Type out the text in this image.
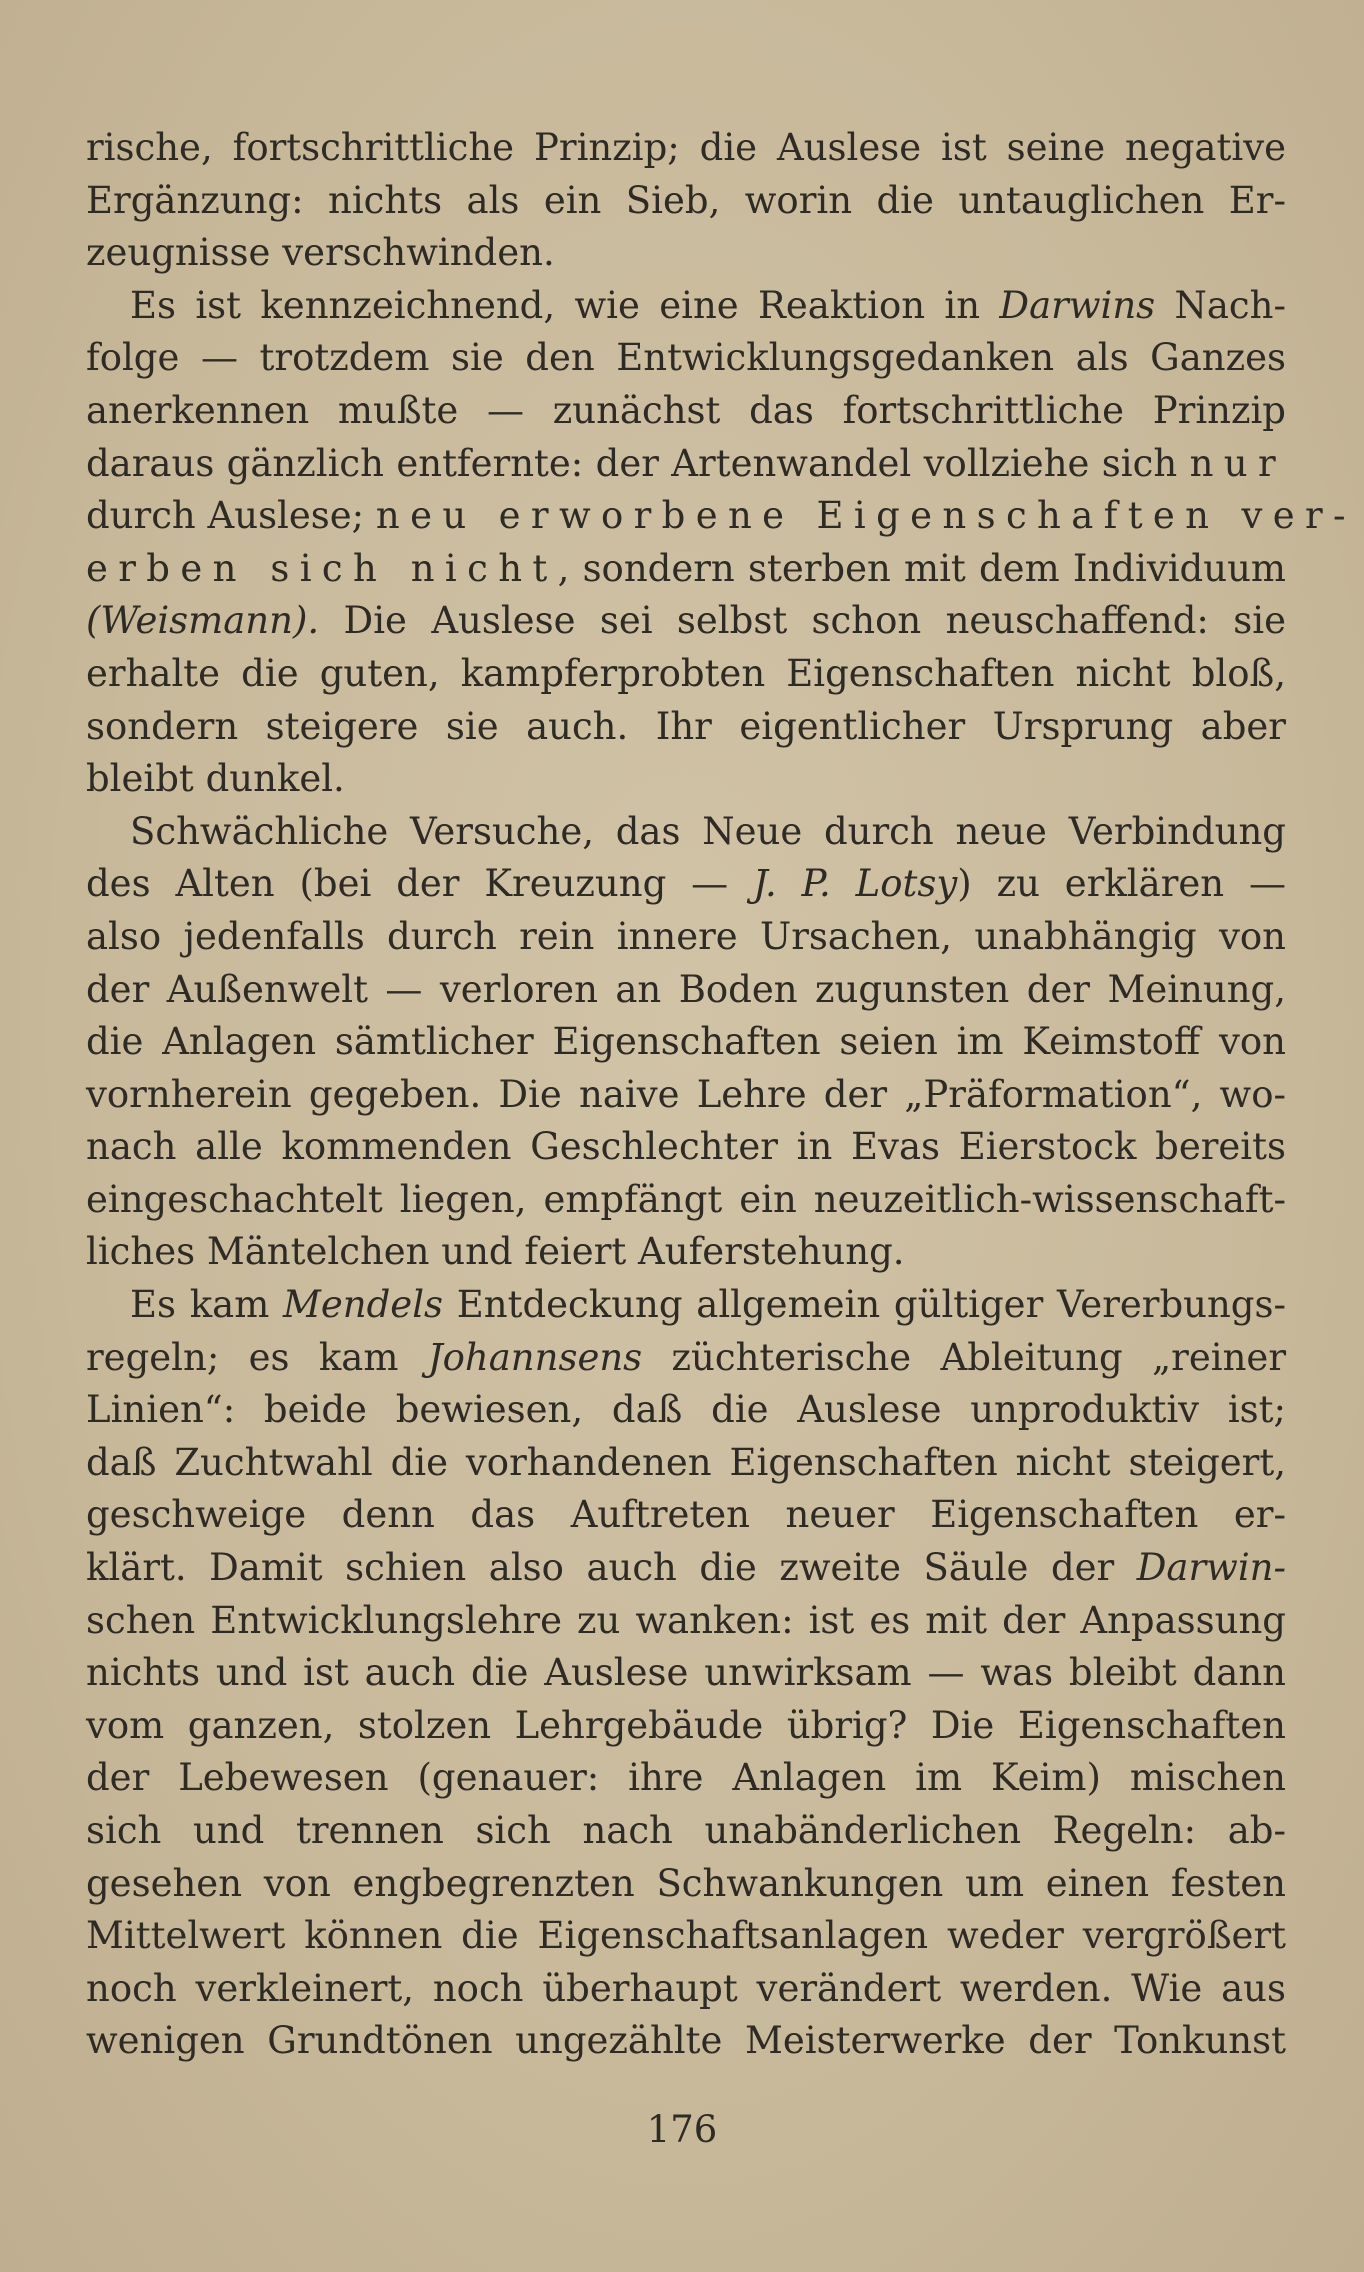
rische, fortschrittliche Prinzip; die Auslese ist seine negative
Ergänzung: nichts als ein Sieb, worin die untauglichen Er-
zeugnisse verschwinden.
Es ist kennzeichnend, wie eine Reaktion in Darwins Nach-
folge — trotzdem sie den Entwicklungsgedanken als Ganzes
anerkennen mußte — zunächst das fortschrittliche Prinzip
daraus gänzlich entfernte: der Artenwandel vollziehe sich nur
durch Auslese; neu erworbene Eigenschaften ver-
erben sich nicht, sondern sterben mit dem Individuum
(Weismann). Die Auslese sei selbst schon neuschaffend: sie
erhalte die guten, kampferprobten Eigenschaften nicht bloß,
sondern steigere sie auch. Ihr eigentlicher Ursprung aber
bleibt dunkel.
Schwächliche Versuche, das Neue durch neue Verbindung
des Alten (bei der Kreuzung — J. P. Lotsy) zu erklären —
also jedenfalls durch rein innere Ursachen, unabhängig von
der Außenwelt — verloren an Boden zugunsten der Meinung,
die Anlagen sämtlicher Eigenschaften seien im Keimstoff von
vornherein gegeben. Die naive Lehre der „Präformation“, wo-
nach alle kommenden Geschlechter in Evas Eierstock bereits
eingeschachtelt liegen, empfängt ein neuzeitlich-wissenschaft-
liches Mäntelchen und feiert Auferstehung.
Es kam Mendels Entdeckung allgemein gültiger Vererbungs-
regeln; es kam Johannsens züchterische Ableitung „reiner
Linien“: beide bewiesen, daß die Auslese unproduktiv ist;
daß Zuchtwahl die vorhandenen Eigenschaften nicht steigert,
geschweige denn das Auftreten neuer Eigenschaften er-
klärt. Damit schien also auch die zweite Säule der Darwin-
schen Entwicklungslehre zu wanken: ist es mit der Anpassung
nichts und ist auch die Auslese unwirksam — was bleibt dann
vom ganzen, stolzen Lehrgebäude übrig? Die Eigenschaften
der Lebewesen (genauer: ihre Anlagen im Keim) mischen
sich und trennen sich nach unabänderlichen Regeln: ab-
gesehen von engbegrenzten Schwankungen um einen festen
Mittelwert können die Eigenschaftsanlagen weder vergrößert
noch verkleinert, noch überhaupt verändert werden. Wie aus
wenigen Grundtönen ungezählte Meisterwerke der Tonkunst
176
